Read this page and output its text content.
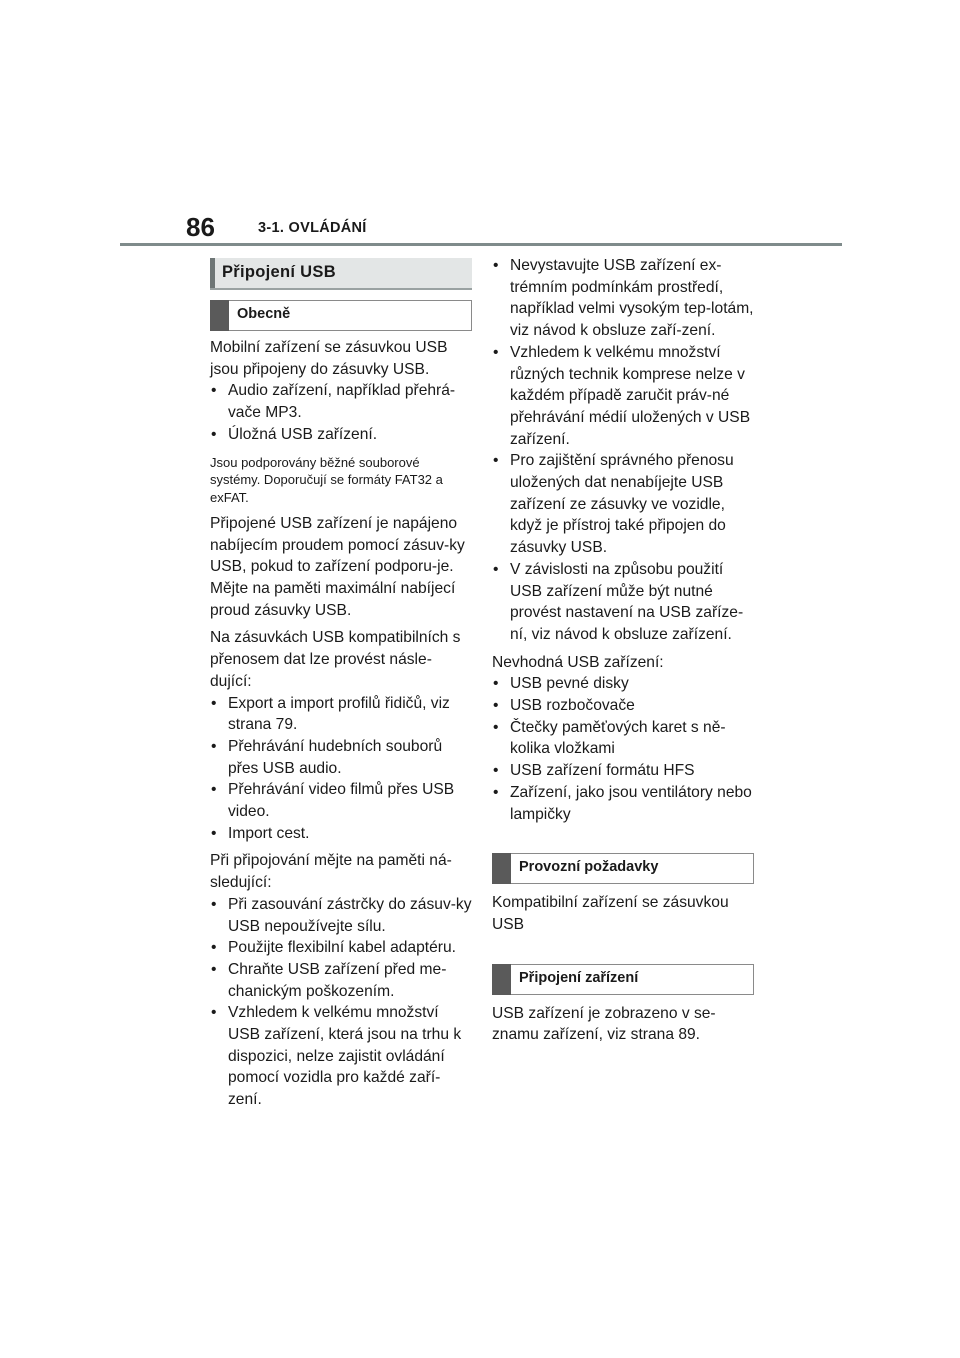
86	3-1. OVLÁDÁNÍ
Připojení USB
Obecně

Mobilní zařízení se zásuvkou USB jsou připojeny do zásuvky USB.

• Audio zařízení, například přehrá-vače MP3.

• Úložná USB zařízení.

Jsou podporovány běžné souborové systémy. Doporučují se formáty FAT32 a exFAT.

Připojené USB zařízení je napájeno nabíjecím proudem pomocí zásuv-ky USB, pokud to zařízení podporu-je. Mějte na paměti maximální nabíjecí proud zásuvky USB.

Na zásuvkách USB kompatibilních s přenosem dat lze provést násle-dující:

• Export a import profilů řidičů, viz strana 79.

• Přehrávání hudebních souborů přes USB audio.

• Přehrávání video filmů přes USB video.

• Import cest.

Při připojování mějte na paměti ná-sledující:

• Při zasouvání zástrčky do zásuv-ky USB nepoužívejte sílu.

• Použijte flexibilní kabel adaptéru.

• Chraňte USB zařízení před me-chanickým poškozením.

• Vzhledem k velkému množství USB zařízení, která jsou na trhu k dispozici, nelze zajistit ovládání pomocí vozidla pro každé zaří-zení.

• Nevystavujte USB zařízení ex-trémním podmínkám prostředí, například velmi vysokým tep-lotám, viz návod k obsluze zaří-zení.

• Vzhledem k velkému množství různých technik komprese nelze v každém případě zaručit práv-né přehrávání médií uložených v USB zařízení.

• Pro zajištění správného přenosu uložených dat nenabíjejte USB zařízení ze zásuvky ve vozidle, když je přístroj také připojen do zásuvky USB.

• V závislosti na způsobu použití USB zařízení může být nutné provést nastavení na USB zaříze-ní, viz návod k obsluze zařízení.

Nevhodná USB zařízení:

• USB pevné disky

• USB rozbočovače

• Čtečky paměťových karet s ně-kolika vložkami

• USB zařízení formátu HFS

• Zařízení, jako jsou ventilátory nebo lampičky

Provozní požadavky

Kompatibilní zařízení se zásuvkou USB

Připojení zařízení

USB zařízení je zobrazeno v se-znamu zařízení, viz strana 89.
